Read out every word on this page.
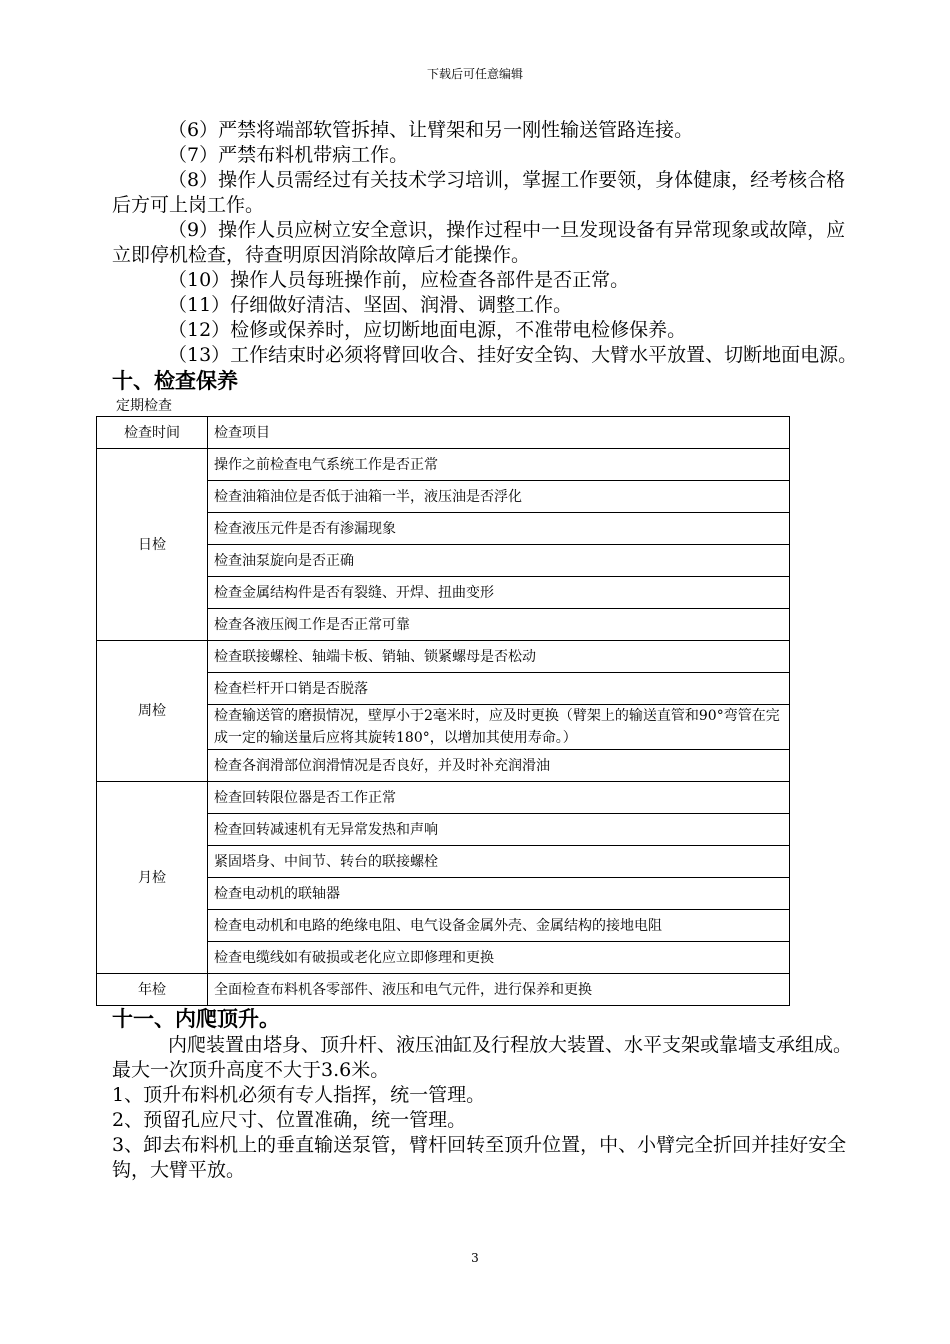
下载后可任意编辑

（6）严禁将端部软管拆掉、让臂架和另一刚性输送管路连接。

（7）严禁布料机带病工作。

（8）操作人员需经过有关技术学习培训，掌握工作要领，身体健康，经考核合格后方可上岗工作。

（9）操作人员应树立安全意识，操作过程中一旦发现设备有异常现象或故障，应立即停机检查，待查明原因消除故障后才能操作。

（10）操作人员每班操作前，应检查各部件是否正常。

（11）仔细做好清洁、坚固、润滑、调整工作。

（12）检修或保养时，应切断地面电源，不准带电检修保养。

（13）工作结束时必须将臂回收合、挂好安全钩、大臂水平放置、切断地面电源。

十、检查保养

定期检查

检查时间	检查项目
日检	操作之前检查电气系统工作是否正常
	检查油箱油位是否低于油箱一半，液压油是否浮化
	检查液压元件是否有渗漏现象
	检查油泵旋向是否正确
	检查金属结构件是否有裂缝、开焊、扭曲变形
	检查各液压阀工作是否正常可靠
周检	检查联接螺栓、轴端卡板、销轴、锁紧螺母是否松动
	检查栏杆开口销是否脱落
	检查输送管的磨损情况，壁厚小于2毫米时，应及时更换（臂架上的输送直管和90°弯管在完成一定的输送量后应将其旋转180°，以增加其使用寿命。）
	检查各润滑部位润滑情况是否良好，并及时补充润滑油
月检	检查回转限位器是否工作正常
	检查回转减速机有无异常发热和声响
	紧固塔身、中间节、转台的联接螺栓
	检查电动机的联轴器
	检查电动机和电路的绝缘电阻、电气设备金属外壳、金属结构的接地电阻
	检查电缆线如有破损或老化应立即修理和更换
年检	全面检查布料机各零部件、液压和电气元件，进行保养和更换

十一、内爬顶升。

内爬装置由塔身、顶升杆、液压油缸及行程放大装置、水平支架或靠墙支承组成。最大一次顶升高度不大于3.6米。

1、顶升布料机必须有专人指挥，统一管理。

2、预留孔应尺寸、位置准确，统一管理。

3、卸去布料机上的垂直输送泵管，臂杆回转至顶升位置，中、小臂完全折回并挂好安全钩，大臂平放。

3
